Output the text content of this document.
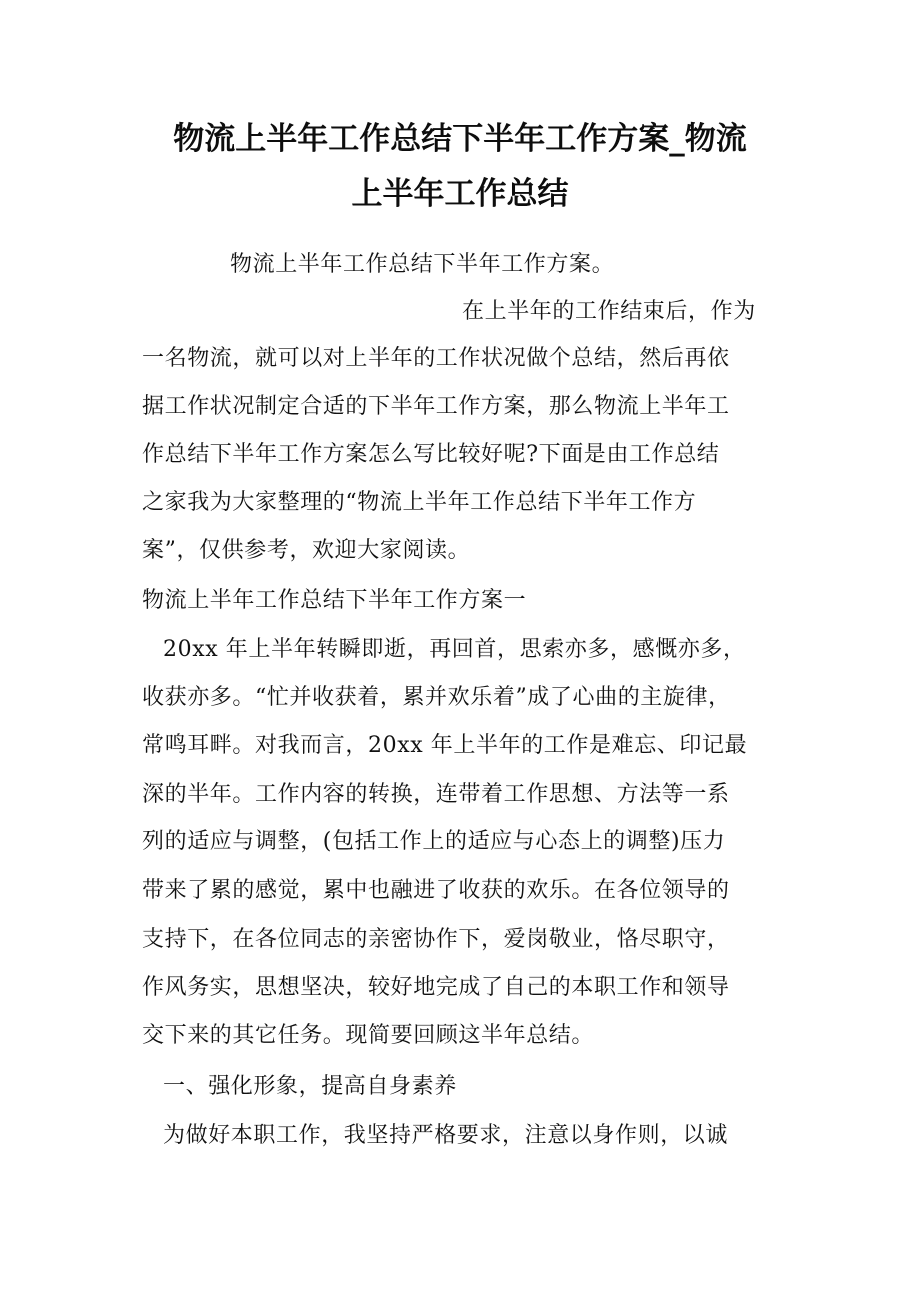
物流上半年工作总结下半年工作方案_物流
上半年工作总结

物流上半年工作总结下半年工作方案。

在上半年的工作结束后，作为

一名物流，就可以对上半年的工作状况做个总结，然后再依

据工作状况制定合适的下半年工作方案，那么物流上半年工

作总结下半年工作方案怎么写比较好呢?下面是由工作总结

之家我为大家整理的“物流上半年工作总结下半年工作方

案”，仅供参考，欢迎大家阅读。

物流上半年工作总结下半年工作方案一

20xx 年上半年转瞬即逝，再回首，思索亦多，感慨亦多，

收获亦多。“忙并收获着，累并欢乐着”成了心曲的主旋律，

常鸣耳畔。对我而言，20xx 年上半年的工作是难忘、印记最

深的半年。工作内容的转换，连带着工作思想、方法等一系

列的适应与调整，(包括工作上的适应与心态上的调整)压力

带来了累的感觉，累中也融进了收获的欢乐。在各位领导的

支持下，在各位同志的亲密协作下，爱岗敬业，恪尽职守，

作风务实，思想坚决，较好地完成了自己的本职工作和领导

交下来的其它任务。现简要回顾这半年总结。

一、强化形象，提高自身素养

为做好本职工作，我坚持严格要求，注意以身作则，以诚
